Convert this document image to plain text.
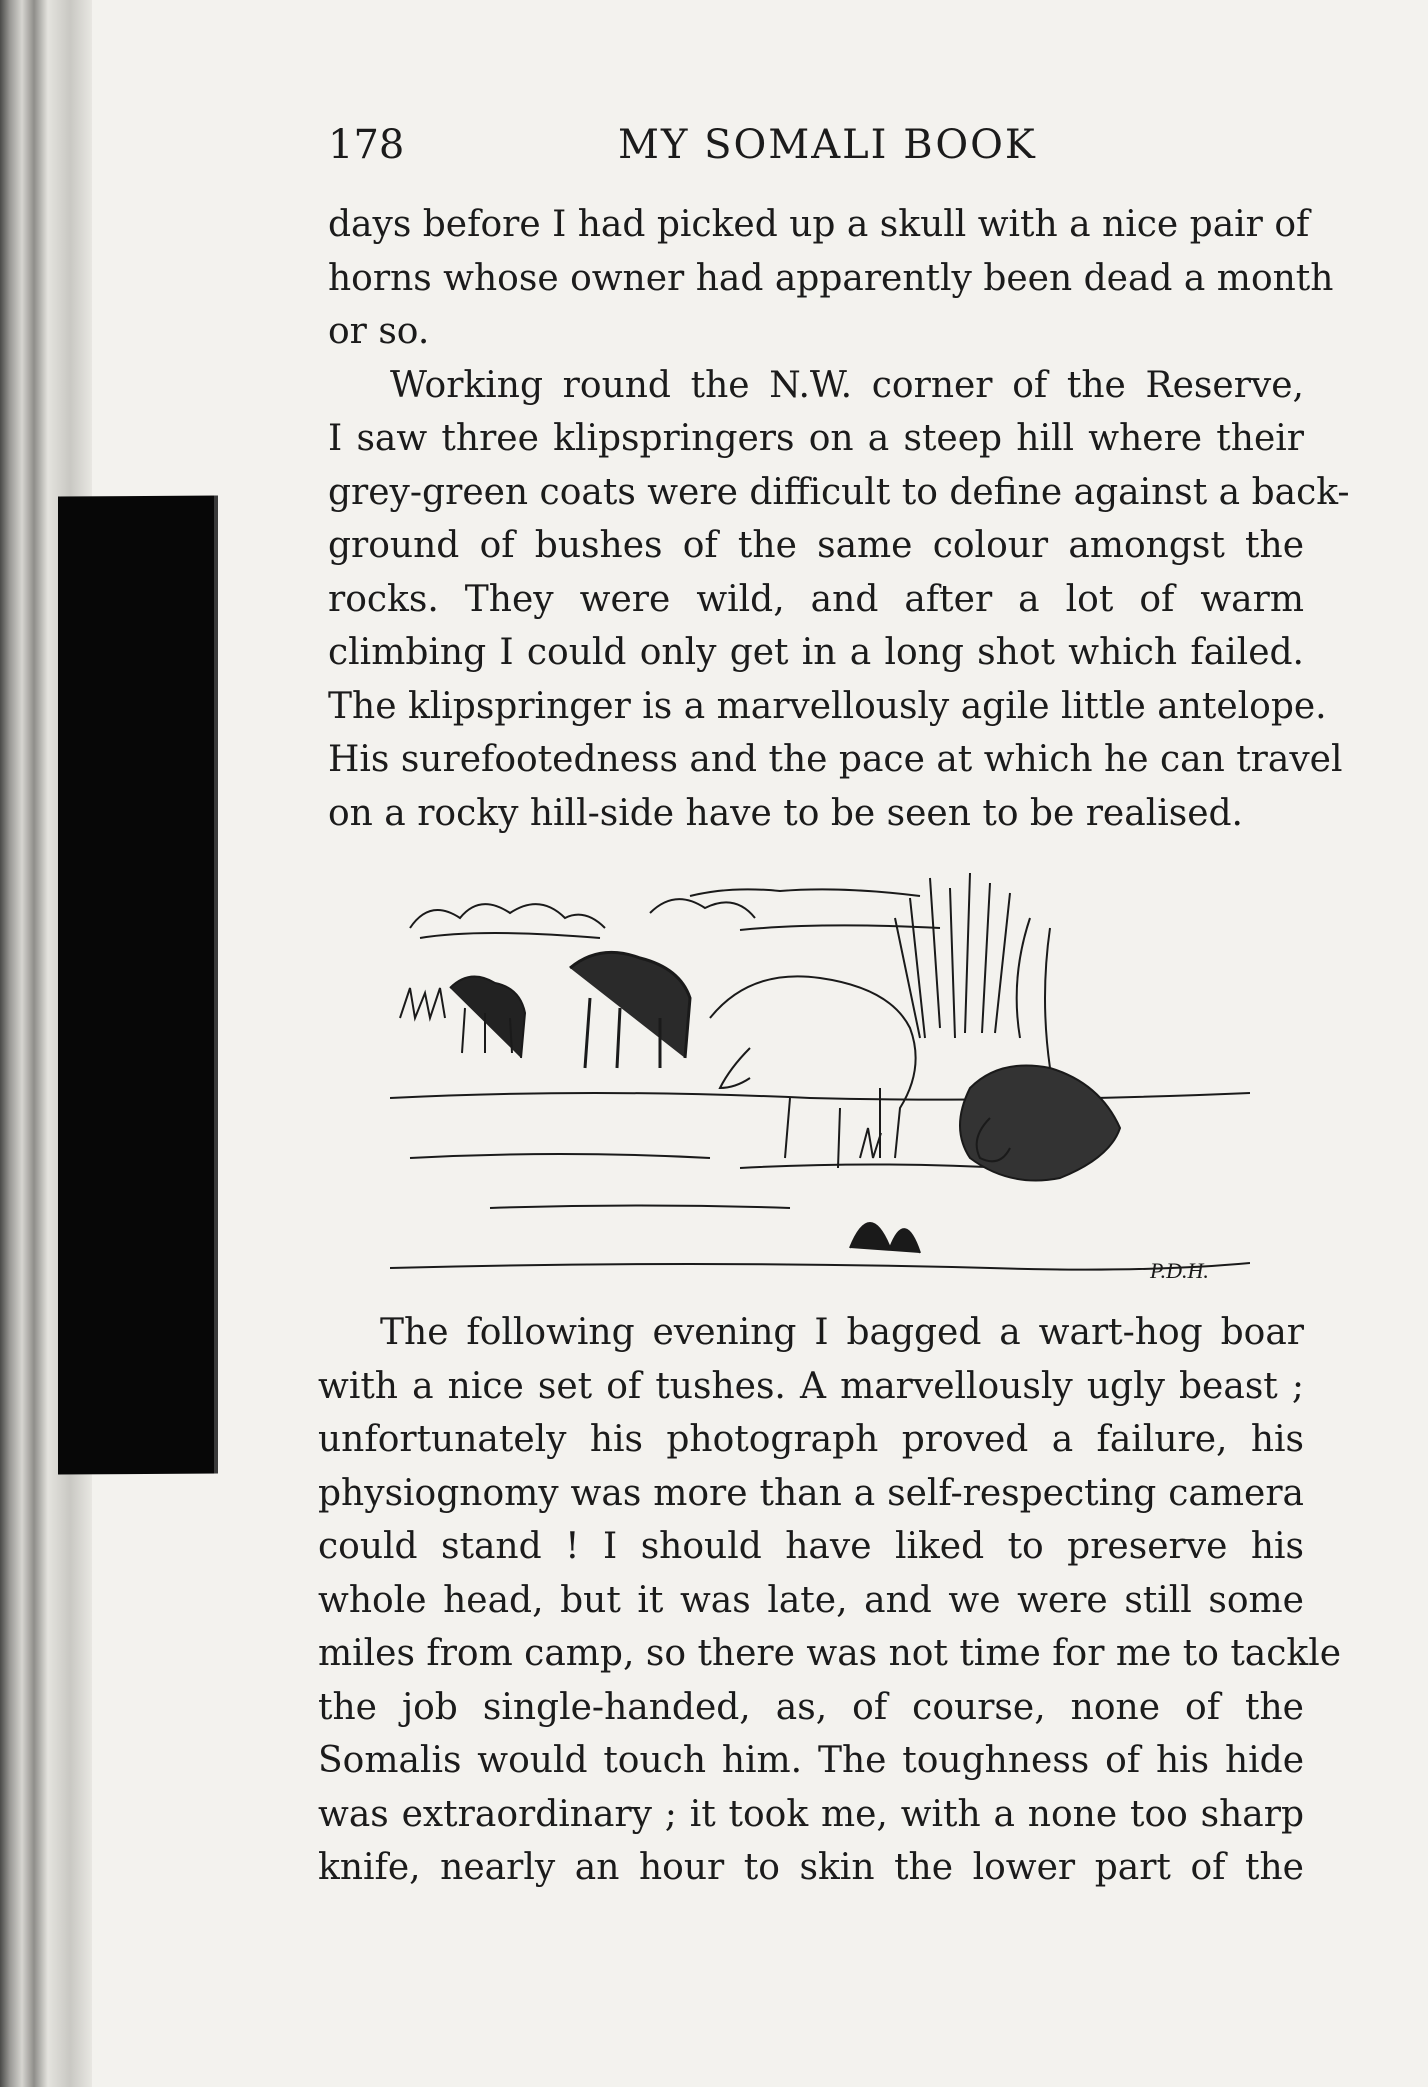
178	MY SOMALI BOOK
days before I had picked up a skull with a nice pair of
horns whose owner had apparently been dead a month
or so.
Working round the N.W. corner of the Reserve,
I saw three klipspringers on a steep hill where their
grey-green coats were difficult to define against a back-
ground of bushes of the same colour amongst the
rocks. They were wild, and after a lot of warm
climbing I could only get in a long shot which failed.
The klipspringer is a marvellously agile little antelope.
His surefootedness and the pace at which he can travel
on a rocky hill-side have to be seen to be realised.
P.D.H.
The following evening I bagged a wart-hog boar
with a nice set of tushes. A marvellously ugly beast ;
unfortunately his photograph proved a failure, his
physiognomy was more than a self-respecting camera
could stand ! I should have liked to preserve his
whole head, but it was late, and we were still some
miles from camp, so there was not time for me to tackle
the job single-handed, as, of course, none of the
Somalis would touch him. The toughness of his hide
was extraordinary ; it took me, with a none too sharp
knife, nearly an hour to skin the lower part of the
